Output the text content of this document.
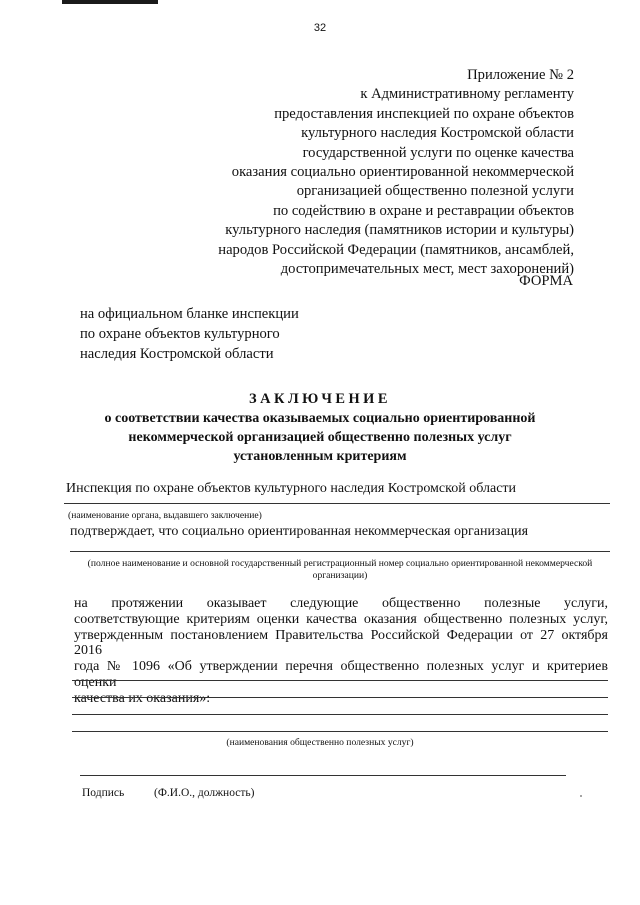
32
Приложение № 2
к Административному регламенту
предоставления инспекцией по охране объектов
культурного наследия Костромской области
государственной услуги по оценке качества
оказания социально ориентированной некоммерческой
организацией общественно полезной услуги
по содействию в охране и реставрации объектов
культурного наследия (памятников истории и культуры)
народов Российской Федерации (памятников, ансамблей,
достопримечательных мест, мест захоронений)
ФОРМА
на официальном бланке инспекции
по охране объектов культурного
наследия Костромской области
ЗАКЛЮЧЕНИЕ
о соответствии качества оказываемых социально ориентированной
некоммерческой организацией общественно полезных услуг
установленным критериям
Инспекция по охране объектов культурного наследия Костромской области
(наименование органа, выдавшего заключение)
подтверждает, что социально ориентированная некоммерческая организация
(полное наименование и основной государственный регистрационный номер социально ориентированной некоммерческой
организации)
на протяжении оказывает следующие общественно полезные услуги,
соответствующие критериям оценки качества оказания общественно полезных услуг,
утвержденным постановлением Правительства Российской Федерации от 27 октября 2016
года № 1096 «Об утверждении перечня общественно полезных услуг и критериев оценки
качества их оказания»:
(наименования общественно полезных услуг)
Подпись	(Ф.И.О., должность)
